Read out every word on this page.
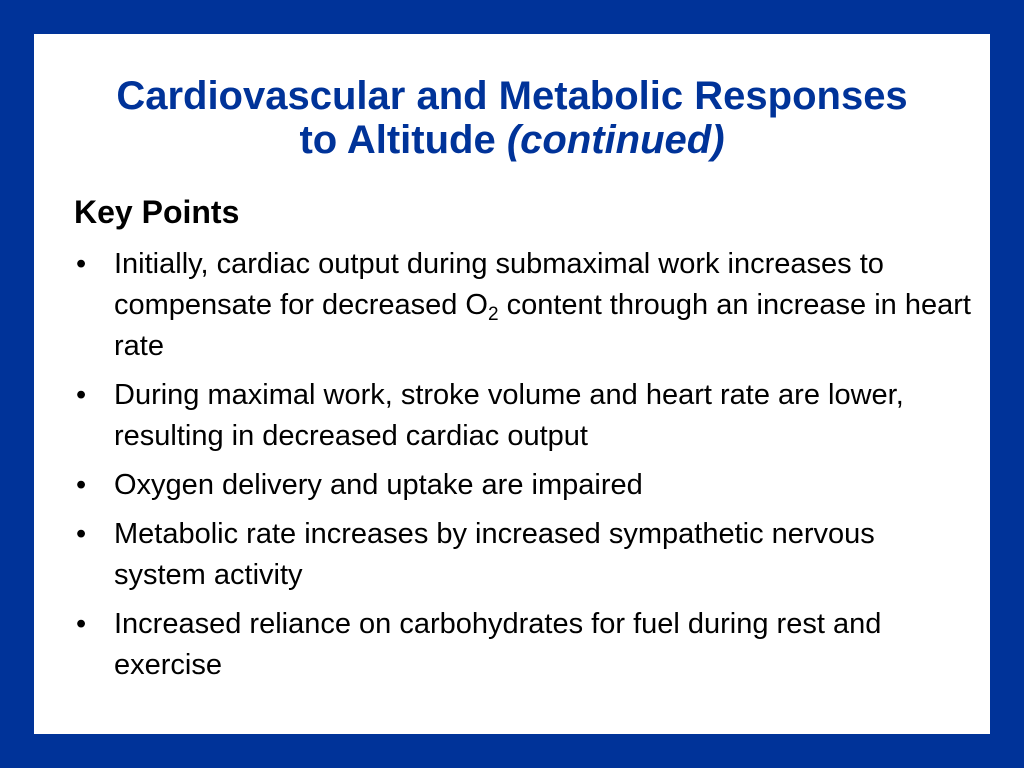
Cardiovascular and Metabolic Responses
to Altitude (continued)
Key Points
• Initially, cardiac output during submaximal work increases to compensate for decreased $O_2$ content through an increase in heart rate
• During maximal work, stroke volume and heart rate are lower, resulting in decreased cardiac output
• Oxygen delivery and uptake are impaired
• Metabolic rate increases by increased sympathetic nervous system activity
• Increased reliance on carbohydrates for fuel during rest and exercise
